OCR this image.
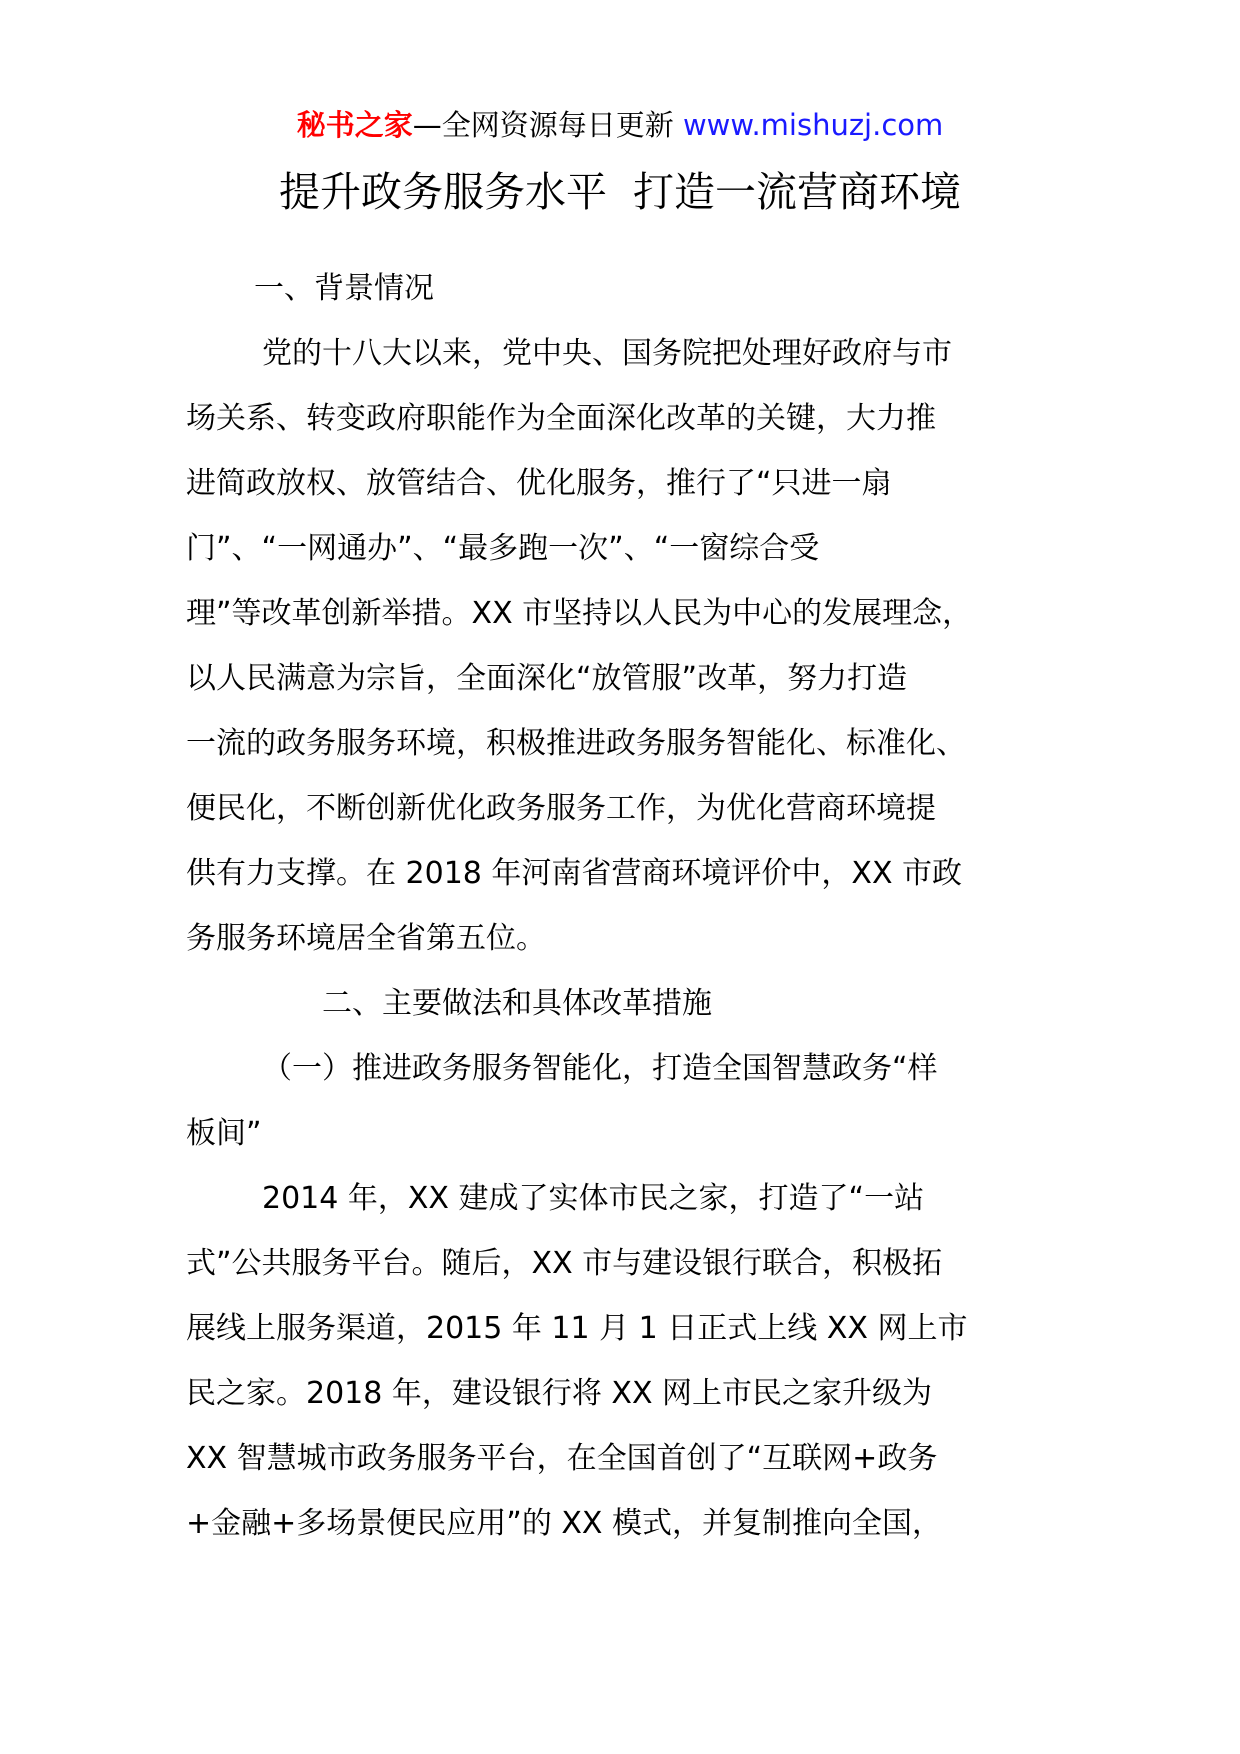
秘书之家—全网资源每日更新 www.mishuzj.com
提升政务服务水平  打造一流营商环境
一、背景情况
党的十八大以来，党中央、国务院把处理好政府与市
场关系、转变政府职能作为全面深化改革的关键，大力推
进简政放权、放管结合、优化服务，推行了“只进一扇
门”、“一网通办”、“最多跑一次”、“一窗综合受
理”等改革创新举措。XX 市坚持以人民为中心的发展理念，
以人民满意为宗旨，全面深化“放管服”改革，努力打造
一流的政务服务环境，积极推进政务服务智能化、标准化、
便民化，不断创新优化政务服务工作，为优化营商环境提
供有力支撑。在 2018 年河南省营商环境评价中，XX 市政
务服务环境居全省第五位。
二、主要做法和具体改革措施
（一）推进政务服务智能化，打造全国智慧政务“样
板间”
2014 年，XX 建成了实体市民之家，打造了“一站
式”公共服务平台。随后，XX 市与建设银行联合，积极拓
展线上服务渠道，2015 年 11 月 1 日正式上线 XX 网上市
民之家。2018 年，建设银行将 XX 网上市民之家升级为
XX 智慧城市政务服务平台，在全国首创了“互联网+政务
+金融+多场景便民应用”的 XX 模式，并复制推向全国，
